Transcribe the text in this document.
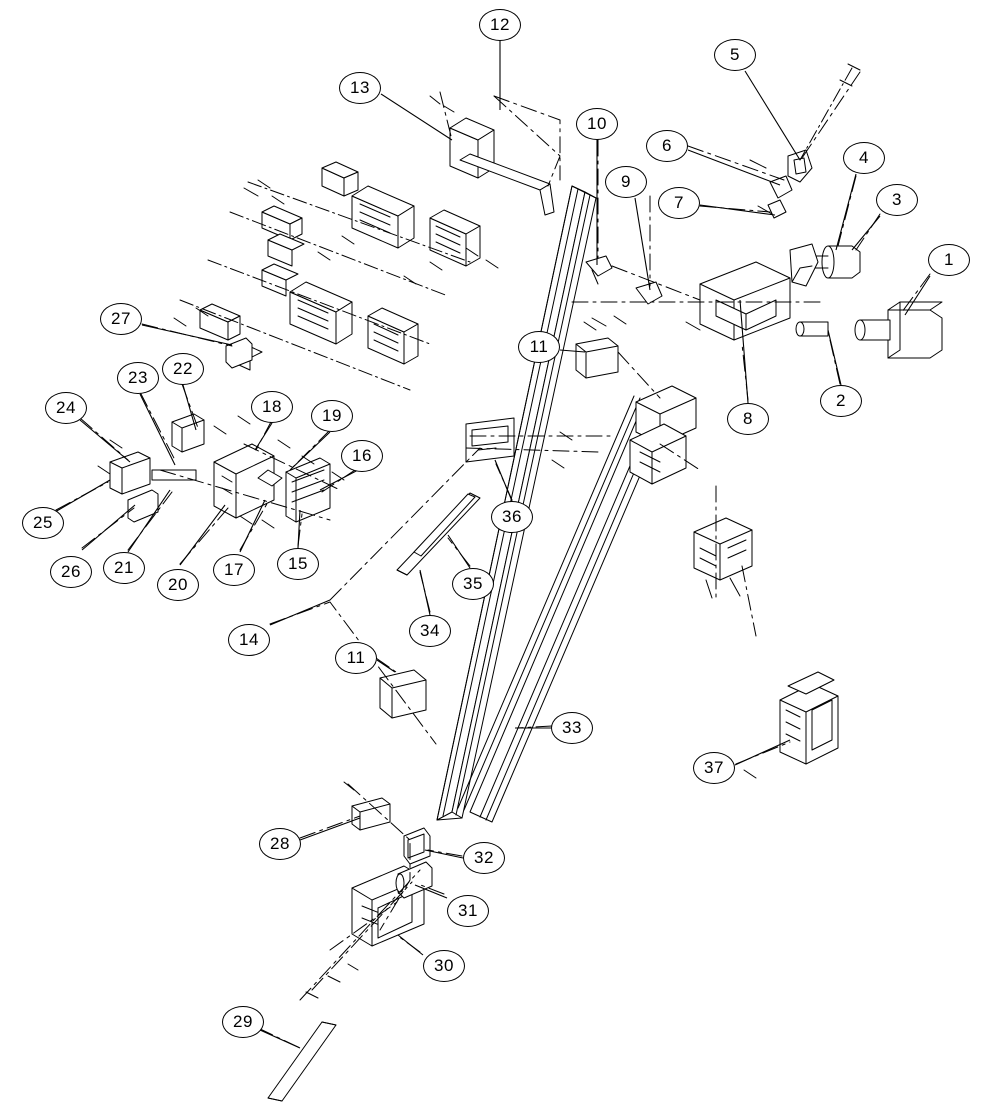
12
5
13
10
6
4
9
7	3
1
27
11
2
8
22
23
18	19
24
16
25	36
26	21
20
15
17
35
34
14
11
33
37
28
32
31
30
29
